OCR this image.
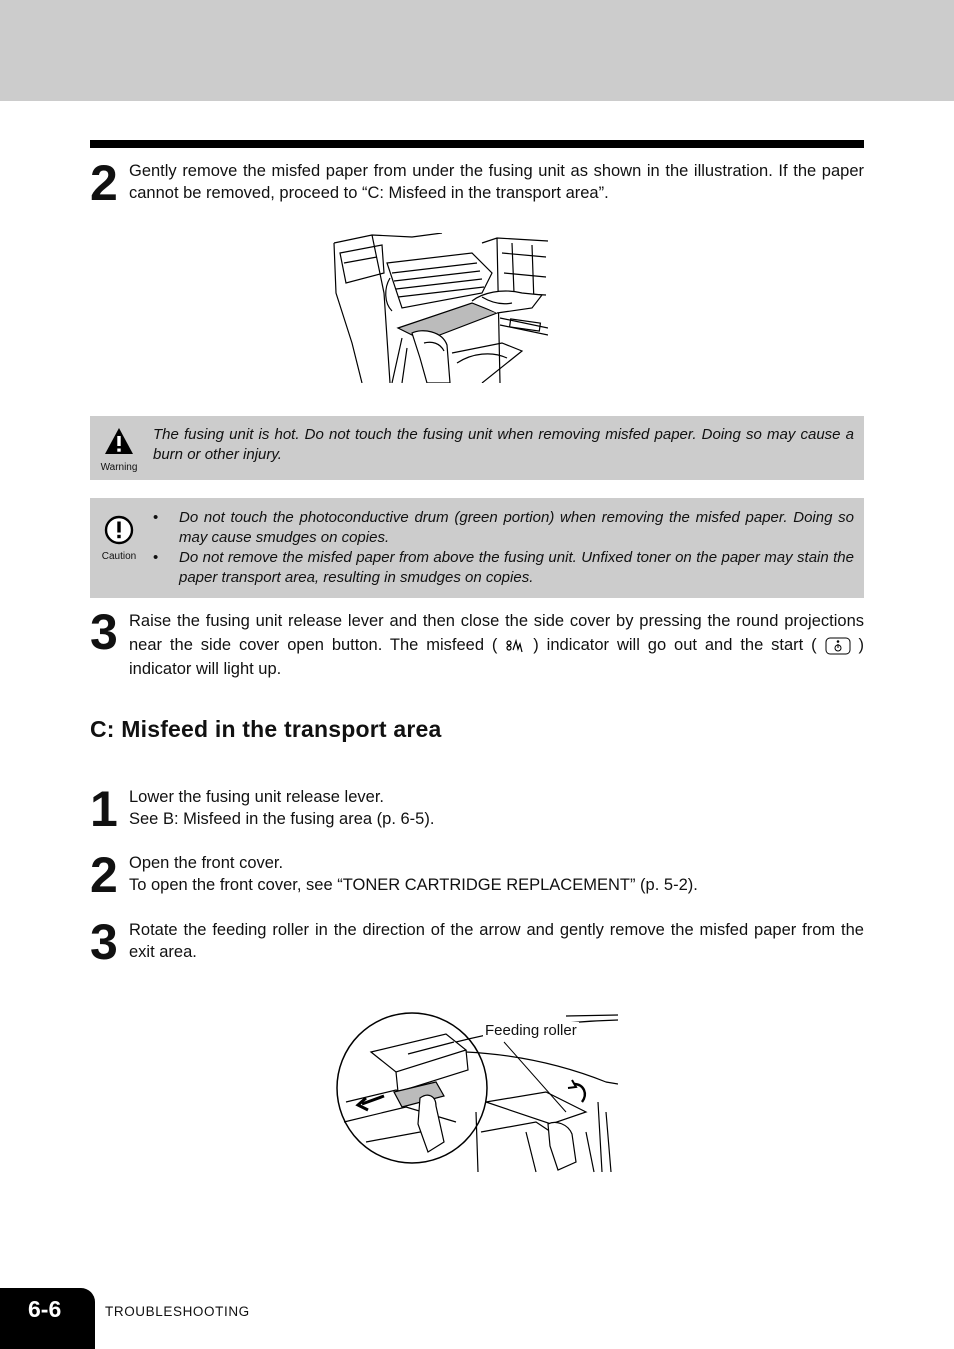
2 Gently remove the misfed paper from under the fusing unit as shown in the illustration. If the paper cannot be removed, proceed to “C: Misfeed in the transport area”.

Warning
The fusing unit is hot. Do not touch the fusing unit when removing misfed paper. Doing so may cause a burn or other injury.
Caution
• Do not touch the photoconductive drum (green portion) when removing the misfed paper. Doing so may cause smudges on copies.
• Do not remove the misfed paper from above the fusing unit. Unfixed toner on the paper may stain the paper transport area, resulting in smudges on copies.
3 Raise the fusing unit release lever and then close the side cover by pressing the round projections near the side cover open button. The misfeed ( ) indicator will go out and the start (	) indicator will light up.

C: Misfeed in the transport area
1 Lower the fusing unit release lever.

See B: Misfeed in the fusing area (p. 6-5).

2 Open the front cover.

To open the front cover, see “TONER CARTRIDGE REPLACEMENT” (p. 5-2).

3 Rotate the feeding roller in the direction of the arrow and gently remove the misfed paper from the exit area.

Feeding roller
6-6	TROUBLESHOOTING
